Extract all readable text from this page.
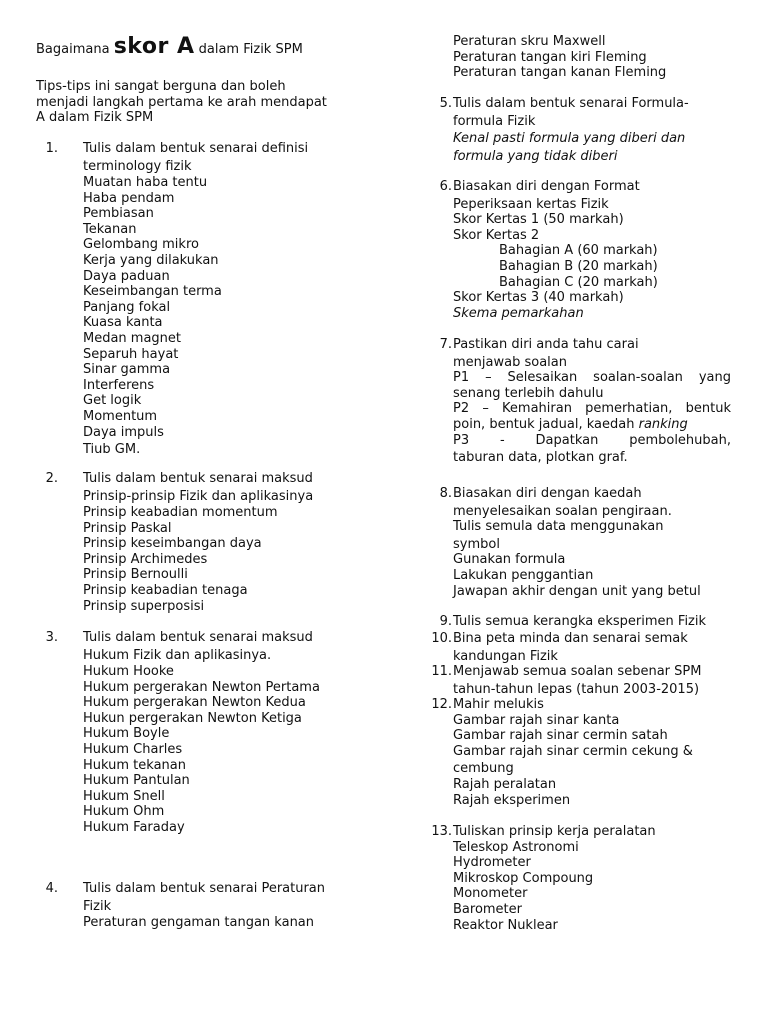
Bagaimana skor A dalam Fizik SPM
Tips-tips ini sangat berguna dan boleh
menjadi langkah pertama ke arah mendapat
A dalam Fizik SPM
1. Tulis dalam bentuk senarai definisi
terminology fizik
Muatan haba tentu
Haba pendam
Pembiasan
Tekanan
Gelombang mikro
Kerja yang dilakukan
Daya paduan
Keseimbangan terma
Panjang fokal
Kuasa kanta
Medan magnet
Separuh hayat
Sinar gamma
Interferens
Get logik
Momentum
Daya impuls
Tiub GM.
2. Tulis dalam bentuk senarai maksud
Prinsip-prinsip Fizik dan aplikasinya
Prinsip keabadian momentum
Prinsip Paskal
Prinsip keseimbangan daya
Prinsip Archimedes
Prinsip Bernoulli
Prinsip keabadian tenaga
Prinsip superposisi
3. Tulis dalam bentuk senarai maksud
Hukum Fizik dan aplikasinya.
Hukum Hooke
Hukum pergerakan Newton Pertama
Hukum pergerakan Newton Kedua
Hukun pergerakan Newton Ketiga
Hukum Boyle
Hukum Charles
Hukum tekanan
Hukum Pantulan
Hukum Snell
Hukum Ohm
Hukum Faraday
4. Tulis dalam bentuk senarai Peraturan
Fizik
Peraturan gengaman tangan kanan
Peraturan skru Maxwell
Peraturan tangan kiri Fleming
Peraturan tangan kanan Fleming
5. Tulis dalam bentuk senarai Formula-
formula Fizik
Kenal pasti formula yang diberi dan
formula yang tidak diberi
6. Biasakan diri dengan Format
Peperiksaan kertas Fizik
Skor Kertas 1 (50 markah)
Skor Kertas 2
Bahagian A (60 markah)
Bahagian B (20 markah)
Bahagian C (20 markah)
Skor Kertas 3 (40 markah)
Skema pemarkahan
7. Pastikan diri anda tahu carai
menjawab soalan
P1 – Selesaikan soalan-soalan yang
senang terlebih dahulu
P2 – Kemahiran pemerhatian, bentuk
poin, bentuk jadual, kaedah ranking
P3 - Dapatkan pembolehubah,
taburan data, plotkan graf.
8. Biasakan diri dengan kaedah
menyelesaikan soalan pengiraan.
Tulis semula data menggunakan
symbol
Gunakan formula
Lakukan penggantian
Jawapan akhir dengan unit yang betul
9. Tulis semua kerangka eksperimen Fizik
10. Bina peta minda dan senarai semak
kandungan Fizik
11. Menjawab semua soalan sebenar SPM
tahun-tahun lepas (tahun 2003-2015)
12. Mahir melukis
Gambar rajah sinar kanta
Gambar rajah sinar cermin satah
Gambar rajah sinar cermin cekung &
cembung
Rajah peralatan
Rajah eksperimen
13. Tuliskan prinsip kerja peralatan
Teleskop Astronomi
Hydrometer
Mikroskop Compoung
Monometer
Barometer
Reaktor Nuklear
